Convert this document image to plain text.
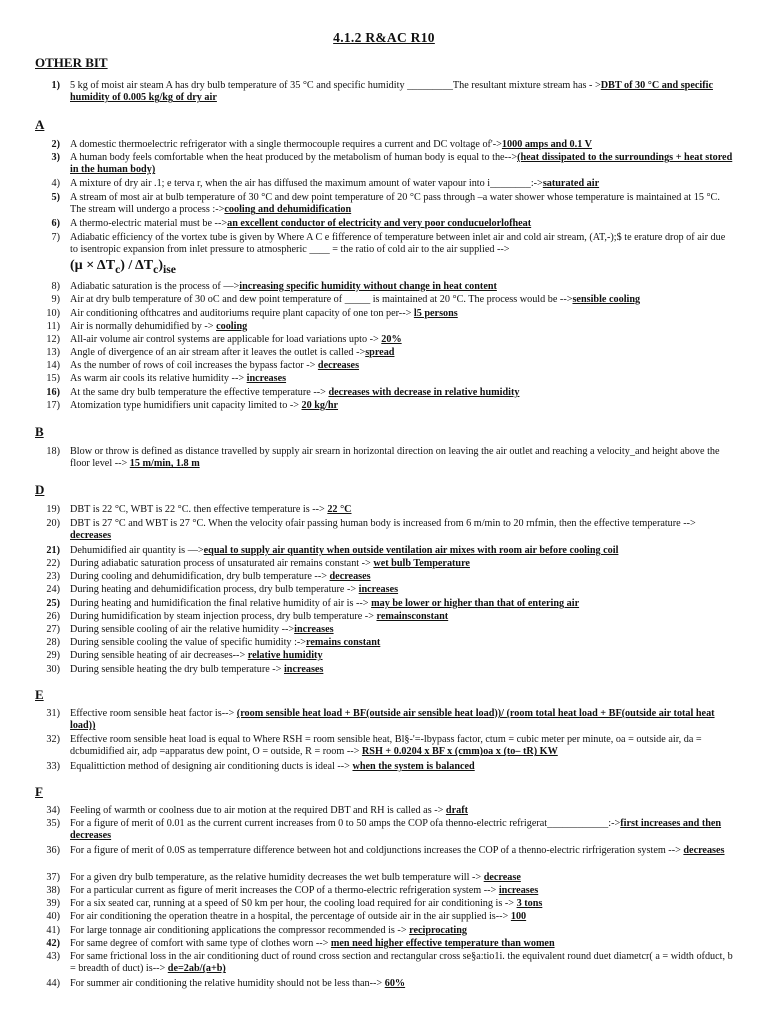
4.1.2 R&AC R10
OTHER BIT
1) 5 kg of moist air steam A has dry bulb temperature of 35 °C and specific humidity _________The resultant mixture stream has - >DBT of 30 °C and specific humidity of 0.005 kg/kg of dry air
A
2) A domestic thermoelectric refrigerator with a single thermocouple requires a current and DC voltage of'->1000 amps and 0.1 V
3) A human body feels comfortable when the heat produced by the metabolism of human body is equal to the-->(heat dissipated to the surroundings + heat stored in the human body)
4) A mixture of dry air .1; e terva r, when the air has diffused the maximum amount of water vapour into i________:->saturated air
5) A stream of most air at bulb temperature of 30 °C and dew point temperature of 20 °C pass through –a water shower whose temperature is maintained at 15 °C. The stream will undergo a process :->cooling and dehumidification
6) A thermo-electric material must be -->an excellent conductor of electricity and very poor conducuelorlofheat
7) Adiabatic efficiency of the vortex tube is given by Where A C e fifference of temperature between inlet air and cold air stream, (AT,-);$ te erature drop of air due to isentropic expansion from inlet pressure to atmospheric ____ = the ratio of cold air to the air supplied -->
$(\mu \times \Delta T_c) / \Delta T_c)_{ise}$
8) Adiabatic saturation is the process of —>increasing specific humidity without change in heat content
9) Air at dry bulb temperature of 30 oC and dew point temperature of _____ is maintained at 20 °C. The process would be -->sensible cooling
10) Air conditioning ofthcatres and auditoriums require plant capacity of one ton per--> l5 persons
11) Air is normally dehumidified by -> cooling
12) All-air volume air control systems are applicable for load variations upto -> 20%
13) Angle of divergence of an air stream after it leaves the outlet is called ->spread
14) As the number of rows of coil increases the bypass factor -> decreases
15) As warm air cools its relative humidity --> increases
16) At the same dry bulb temperature the effective temperature --> decreases with decrease in relative humidity
17) Atomization type humidifiers unit capacity limited to -> 20 kg/hr
B
18) Blow or throw is defined as distance travelled by supply air srearn in horizontal direction on leaving the air outlet and reaching a velocity_and height above the floor level --> 15 m/min, 1.8 m
D
19) DBT is 22 °C, WBT is 22 °C. then effective temperature is --> 22 °C
20) DBT is 27 °C and WBT is 27 °C. When the velocity ofair passing human body is increased from 6 m/min to 20 rnfmin, then the effective temperature --> decreases
21) Dehumidified air quantity is —>equal to supply air quantity when outside ventilation air mixes with room air before cooling coil
22) During adiabatic saturation process of unsaturated air remains constant -> wet bulb Temperature
23) During cooling and dehumidification, dry bulb temperature --> decreases
24) During heating and dehumidification process, dry bulb temperature -> increases
25) During heating and humidification the final relative humidity of air is --> may be lower or higher than that of entering air
26) During humidification by steam injection process, dry bulb temperature -> remainsconstant
27) During sensible cooling of air the relative humidity -->increases
28) During sensible cooling the value of specific humidity :->remains constant
29) During sensible heating of air decreases--> relative humidity
30) During sensible heating the dry bulb temperature -> increases
E
31) Effective room sensible heat factor is--> (room sensible heat load + BF(outside air sensible heat load))/ (room total heat load + BF(outside air total heat load))
32) Effective room sensible heat load is equal to Where RSH = room sensible heat, Bl§-'=-lbypass factor, ctum = cubic meter per minute, oa = outside air, da = dcbumidified air, adp =apparatus dew point, O = outside, R = room --> RSH + 0.0204 x BF x (cmm)oa x (to– tR) KW
33) Equalittiction method of designing air conditioning ducts is ideal --> when the system is balanced
F
34) Feeling of warmth or coolness due to air motion at the required DBT and RH is called as -> draft
35) For a figure of merit of 0.01 as the current current increases from 0 to 50 amps the COP ofa thenno-electric refrigerat____________:->first increases and then decreases
36) For a figure of merit of 0.0S as temperrature difference between hot and coldjunctions increases the COP of a thenno-electric rirfrigeration system --> decreases
37) For a given dry bulb temperature, as the relative humidity decreases the wet bulb temperature will -> decrease
38) For a particular current as figure of merit increases the COP of a thermo-electric refrigeration system --> increases
39) For a six seated car, running at a speed of S0 km per hour, the cooling load required for air conditioning is -> 3 tons
40) For air conditioning the operation theatre in a hospital, the percentage of outside air in the air supplied is--> 100
41) For large tonnage air conditioning applications the compressor recommended is -> reciprocating
42) For same degree of comfort with same type of clothes worn --> men need higher effective temperature than women
43) For same frictional loss in the air conditioning duct of round cross section and rectangular cross se§a:tio1i. the equivalent round duet diametcr( a = width ofduct, b = breadth of duct) is--> de=2ab/(a+b)
44) For summer air conditioning the relative humidity should not be less than--> 60%
